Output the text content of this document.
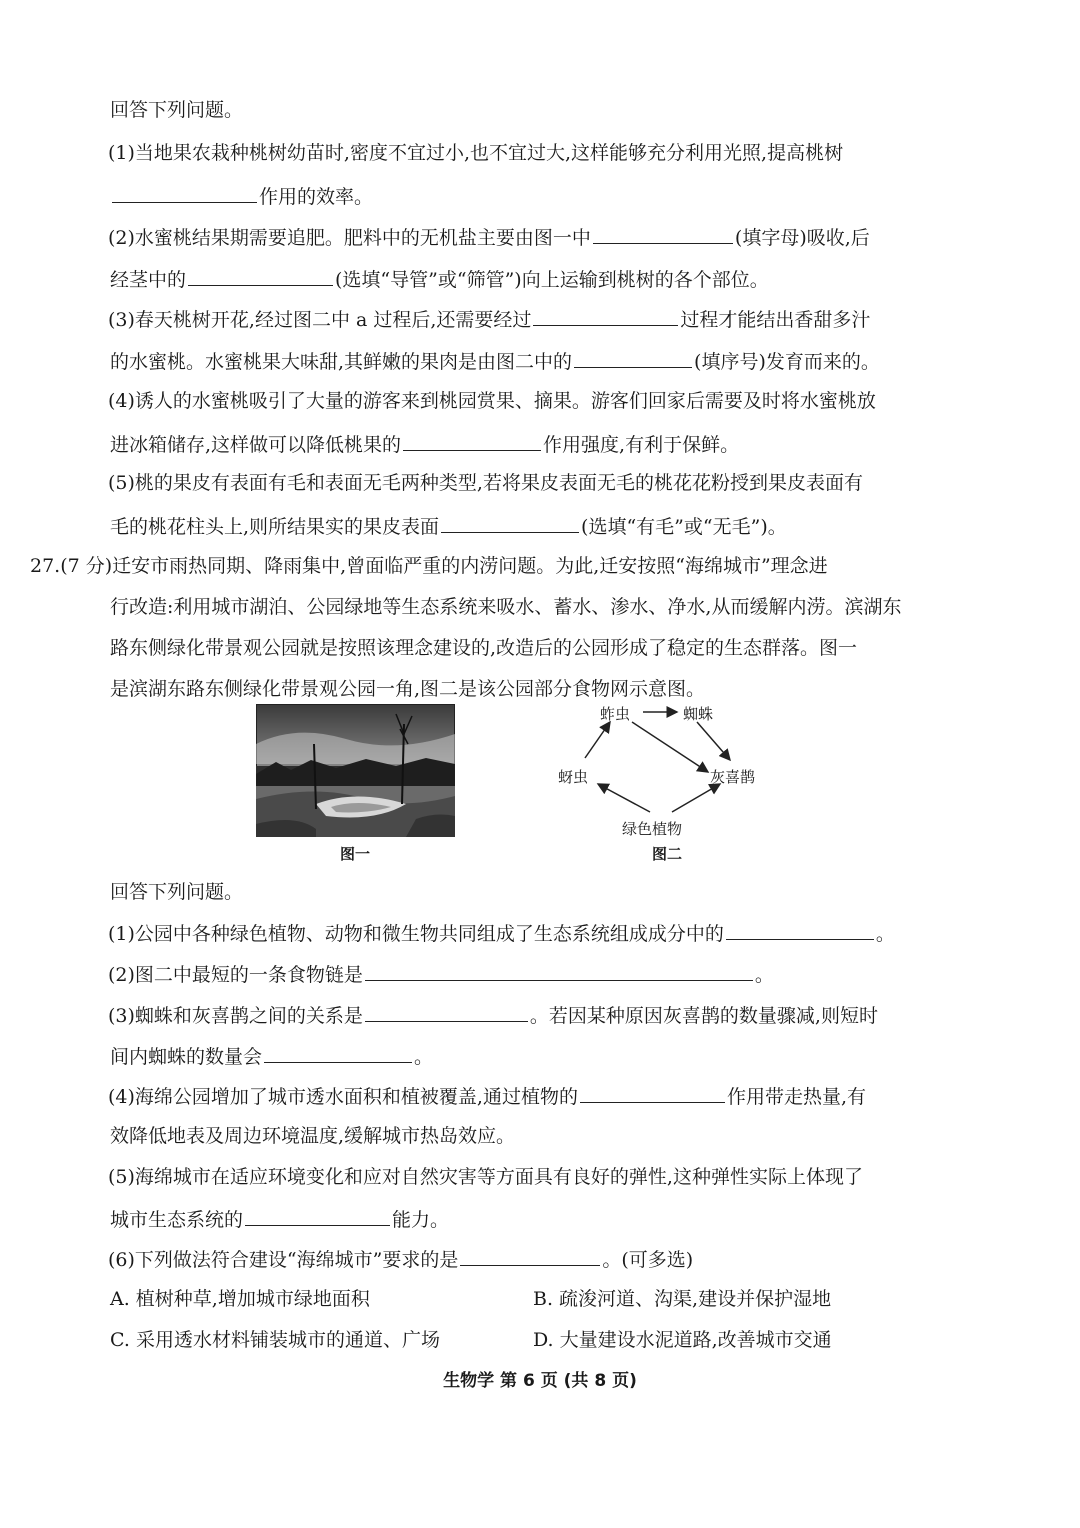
回答下列问题。
(1)当地果农栽种桃树幼苗时,密度不宜过小,也不宜过大,这样能够充分利用光照,提高桃树
作用的效率。
(2)水蜜桃结果期需要追肥。肥料中的无机盐主要由图一中	(填字母)吸收,后
经茎中的	(选填“导管”或“筛管”)向上运输到桃树的各个部位。
(3)春天桃树开花,经过图二中 a 过程后,还需要经过	过程才能结出香甜多汁
的水蜜桃。水蜜桃果大味甜,其鲜嫩的果肉是由图二中的	(填序号)发育而来的。
(4)诱人的水蜜桃吸引了大量的游客来到桃园赏果、摘果。游客们回家后需要及时将水蜜桃放
进冰箱储存,这样做可以降低桃果的	作用强度,有利于保鲜。
(5)桃的果皮有表面有毛和表面无毛两种类型,若将果皮表面无毛的桃花花粉授到果皮表面有
毛的桃花柱头上,则所结果实的果皮表面	(选填“有毛”或“无毛”)。
27.(7 分)迁安市雨热同期、降雨集中,曾面临严重的内涝问题。为此,迁安按照“海绵城市”理念进
行改造:利用城市湖泊、公园绿地等生态系统来吸水、蓄水、渗水、净水,从而缓解内涝。滨湖东
路东侧绿化带景观公园就是按照该理念建设的,改造后的公园形成了稳定的生态群落。图一
是滨湖东路东侧绿化带景观公园一角,图二是该公园部分食物网示意图。
图一
蚱虫	蜘蛛
蚜虫	灰喜鹊
绿色植物
图二
回答下列问题。
(1)公园中各种绿色植物、动物和微生物共同组成了生态系统组成成分中的	。
(2)图二中最短的一条食物链是	。
(3)蜘蛛和灰喜鹊之间的关系是	。若因某种原因灰喜鹊的数量骤减,则短时
间内蜘蛛的数量会	。
(4)海绵公园增加了城市透水面积和植被覆盖,通过植物的	作用带走热量,有
效降低地表及周边环境温度,缓解城市热岛效应。
(5)海绵城市在适应环境变化和应对自然灾害等方面具有良好的弹性,这种弹性实际上体现了
城市生态系统的	能力。
(6)下列做法符合建设“海绵城市”要求的是	。(可多选)
A. 植树种草,增加城市绿地面积	B. 疏浚河道、沟渠,建设并保护湿地
C. 采用透水材料铺装城市的通道、广场	D. 大量建设水泥道路,改善城市交通
生物学 第 6 页 (共 8 页)
